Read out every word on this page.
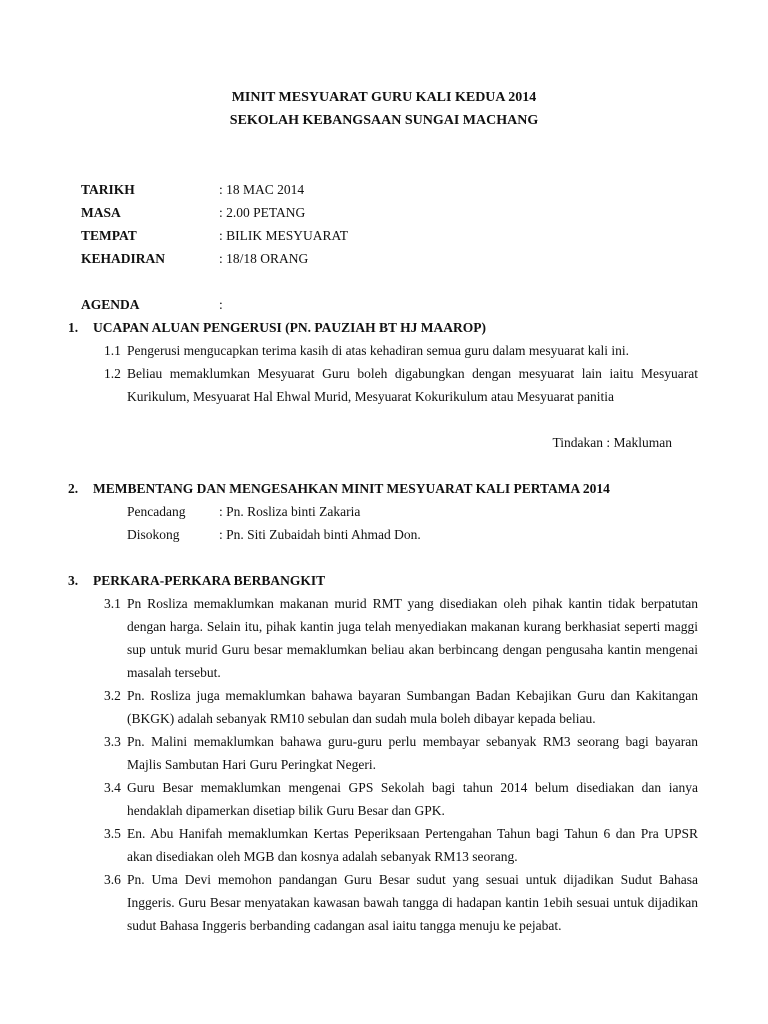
MINIT MESYUARAT GURU KALI KEDUA 2014
SEKOLAH KEBANGSAAN SUNGAI MACHANG
TARIKH	: 18 MAC 2014
MASA	: 2.00 PETANG
TEMPAT	: BILIK MESYUARAT
KEHADIRAN	: 18/18 ORANG
AGENDA	:
1. UCAPAN ALUAN PENGERUSI (PN. PAUZIAH BT HJ MAAROP)
1.1 Pengerusi mengucapkan terima kasih di atas kehadiran semua guru dalam mesyuarat kali ini.
1.2 Beliau memaklumkan Mesyuarat Guru boleh digabungkan dengan mesyuarat lain iaitu Mesyuarat Kurikulum, Mesyuarat Hal Ehwal Murid, Mesyuarat Kokurikulum atau Mesyuarat panitia
Tindakan : Makluman
2. MEMBENTANG DAN MENGESAHKAN MINIT MESYUARAT KALI PERTAMA 2014
Pencadang : Pn. Rosliza binti Zakaria
Disokong	: Pn. Siti Zubaidah binti Ahmad Don.
3. PERKARA-PERKARA BERBANGKIT
3.1 Pn Rosliza memaklumkan makanan murid RMT yang disediakan oleh pihak kantin tidak berpatutan dengan harga. Selain itu, pihak kantin juga telah menyediakan makanan kurang berkhasiat seperti maggi sup untuk murid Guru besar memaklumkan beliau akan berbincang dengan pengusaha kantin mengenai masalah tersebut.
3.2 Pn. Rosliza juga memaklumkan bahawa bayaran Sumbangan Badan Kebajikan Guru dan Kakitangan (BKGK) adalah sebanyak RM10 sebulan dan sudah mula boleh dibayar kepada beliau.
3.3 Pn. Malini memaklumkan bahawa guru-guru perlu membayar sebanyak RM3 seorang bagi bayaran Majlis Sambutan Hari Guru Peringkat Negeri.
3.4 Guru Besar memaklumkan mengenai GPS Sekolah bagi tahun 2014 belum disediakan dan ianya hendaklah dipamerkan disetiap bilik Guru Besar dan GPK.
3.5 En. Abu Hanifah memaklumkan Kertas Peperiksaan Pertengahan Tahun bagi Tahun 6 dan Pra UPSR akan disediakan oleh MGB dan kosnya adalah sebanyak RM13 seorang.
3.6 Pn. Uma Devi memohon pandangan Guru Besar sudut yang sesuai untuk dijadikan Sudut Bahasa Inggeris. Guru Besar menyatakan kawasan bawah tangga di hadapan kantin 1ebih sesuai untuk dijadikan sudut Bahasa Inggeris berbanding cadangan asal iaitu tangga menuju ke pejabat.
